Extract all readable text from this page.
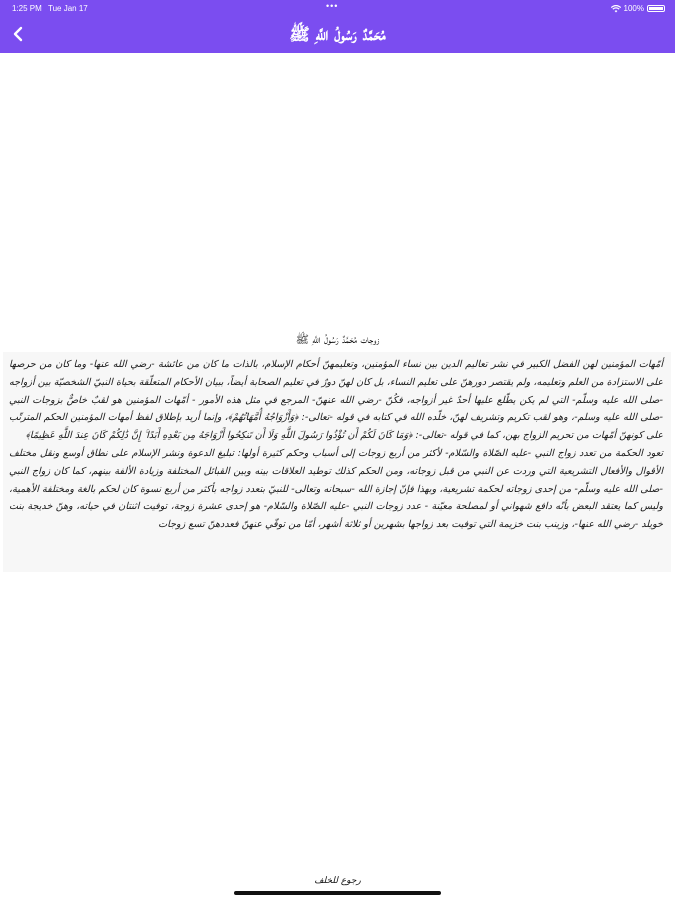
1:25 PM Tue Jan 17	•••	100%
مُحَمَّدٌ رَسُولُ اللَّهِ ﷺ
زوجات مُحَمَّدٌ رَسُولُ اللَّهِ ﷺ

أمّهات المؤمنين لهن الفضل الكبير في نشر تعاليم الدين بين نساء المؤمنين، وتعليمهنّ أحكام الإسلام، بالذات ما كان من عائشة -رضي الله عنها- وما كان من حرصها على الاستزادة من العلم وتعليمه، ولم يقتصر دورهنّ على تعليم النساء، بل كان لهنّ دورٌ في تعليم الصحابة أيضاً، ببيان الأحكام المتعلّقة بحياة النبيّ الشخصيّة بين أزواجه -صلى الله عليه وسلّم- التي لم يكن يطّلع عليها أحدٌ غير أزواجه، فكُنّ -رضي الله عنهنّ- المرجع في مثل هذه الأمور - أمّهات المؤمنين هو لقبٌ خاصٌّ بزوجات النبي -صلى الله عليه وسلم-، وهو لقب تكريم وتشريف لهنّ، خلّده الله في كتابه في قوله -تعالى-: ﴿وَأَزْوَاجُهُ أُمَّهَاتُهُمْ﴾، وإنما أريد بإطلاق لفظ أمهات المؤمنين الحكم المترتّب على كونهنّ أمّهات من تحريم الزواج بهن، كما في قوله -تعالى-: ﴿وَمَا كَانَ لَكُمْ أَن تُؤْذُوا رَسُولَ اللَّهِ وَلَا أَن تَنكِحُوا أَزْوَاجَهُ مِن بَعْدِهِ أَبَدًا ۚ إِنَّ ذَٰلِكُمْ كَانَ عِندَ اللَّهِ عَظِيمًا﴾

تعود الحكمة من تعدد زواج النبي -عليه الصّلاة والسّلام- لأكثر من أربع زوجات إلى أسباب وحكم كثيرة أولها: تبليغ الدعوة ونشر الإسلام على نطاق أوسع ونقل مختلف الأقوال والأفعال التشريعية التي وردت عن النبي من قبل زوجاته، ومن الحكم كذلك توطيد العلاقات بينه وبين القبائل المختلفة وزيادة الألفة بينهم، كما كان زواج النبي -صلى الله عليه وسلّم- من إحدى زوجاته لحكمة تشريعية، وبهذا فإنّ إجازة الله -سبحانه وتعالى- للنبيّ بتعدد زواجه بأكثر من أربع نسوة كان لحكم بالغة ومختلفة الأهمية، وليس كما يعتقد البعض بأنّه دافع شهواني أو لمصلحة معيّنة - عدد زوجات النبي -عليه الصّلاة والسّلام- هو إحدى عشرة زوجة، توفيت اثنتان في حياته، وهنّ خديجة بنت خويلد -رضي الله عنها-، وزينب بنت خزيمة التي توفيت بعد زواجها بشهرين أو ثلاثة أشهر، أمّا من توفّي عنهنّ فعددهنّ تسع زوجات

رجوع للخلف
